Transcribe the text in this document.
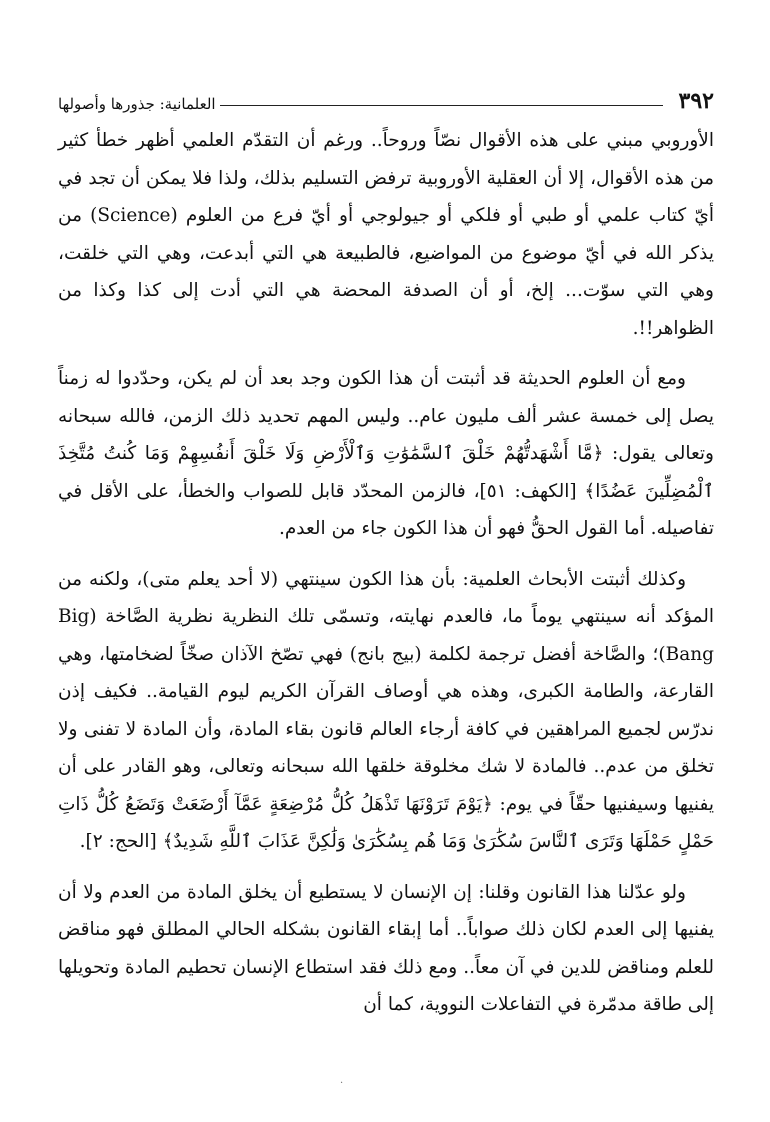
٣٩٢
العلمانية: جذورها وأصولها

الأوروبي مبني على هذه الأقوال نصّاً وروحاً.. ورغم أن التقدّم العلمي أظهر خطأ كثير من هذه الأقوال، إلا أن العقلية الأوروبية ترفض التسليم بذلك، ولذا فلا يمكن أن تجد في أيّ كتاب علمي أو طبي أو فلكي أو جيولوجي أو أيّ فرع من العلوم (Science) من يذكر الله في أيّ موضوع من المواضيع، فالطبيعة هي التي أبدعت، وهي التي خلقت، وهي التي سوّت... إلخ، أو أن الصدفة المحضة هي التي أدت إلى كذا وكذا من الظواهر!!.

ومع أن العلوم الحديثة قد أثبتت أن هذا الكون وجد بعد أن لم يكن، وحدّدوا له زمناً يصل إلى خمسة عشر ألف مليون عام.. وليس المهم تحديد ذلك الزمن، فالله سبحانه وتعالى يقول: ﴿مَّا أَشْهَدتُّهُمْ خَلْقَ ٱلسَّمَٰوَٰتِ وَٱلْأَرْضِ وَلَا خَلْقَ أَنفُسِهِمْ وَمَا كُنتُ مُتَّخِذَ ٱلْمُضِلِّينَ عَضُدًا﴾ [الكهف: ٥١]، فالزمن المحدّد قابل للصواب والخطأ، على الأقل في تفاصيله. أما القول الحقُّ فهو أن هذا الكون جاء من العدم.

وكذلك أثبتت الأبحاث العلمية: بأن هذا الكون سينتهي (لا أحد يعلم متى)، ولكنه من المؤكد أنه سينتهي يوماً ما، فالعدم نهايته، وتسمّى تلك النظرية نظرية الصَّاخة (Big Bang)؛ والصَّاخة أفضل ترجمة لكلمة (بيج بانج) فهي تصّخ الآذان صخّاً لضخامتها، وهي القارعة، والطامة الكبرى، وهذه هي أوصاف القرآن الكريم ليوم القيامة.. فكيف إذن ندرّس لجميع المراهقين في كافة أرجاء العالم قانون بقاء المادة، وأن المادة لا تفنى ولا تخلق من عدم.. فالمادة لا شك مخلوقة خلقها الله سبحانه وتعالى، وهو القادر على أن يفنيها وسيفنيها حقّاً في يوم: ﴿يَوْمَ تَرَوْنَهَا تَذْهَلُ كُلُّ مُرْضِعَةٍ عَمَّآ أَرْضَعَتْ وَتَضَعُ كُلُّ ذَاتِ حَمْلٍ حَمْلَهَا وَتَرَى ٱلنَّاسَ سُكَٰرَىٰ وَمَا هُم بِسُكَٰرَىٰ وَلَٰكِنَّ عَذَابَ ٱللَّهِ شَدِيدٌ﴾ [الحج: ٢].

ولو عدّلنا هذا القانون وقلنا: إن الإنسان لا يستطيع أن يخلق المادة من العدم ولا أن يفنيها إلى العدم لكان ذلك صواباً.. أما إبقاء القانون بشكله الحالي المطلق فهو مناقض للعلم ومناقض للدين في آن معاً.. ومع ذلك فقد استطاع الإنسان تحطيم المادة وتحويلها إلى طاقة مدمّرة في التفاعلات النووية، كما أن

·
